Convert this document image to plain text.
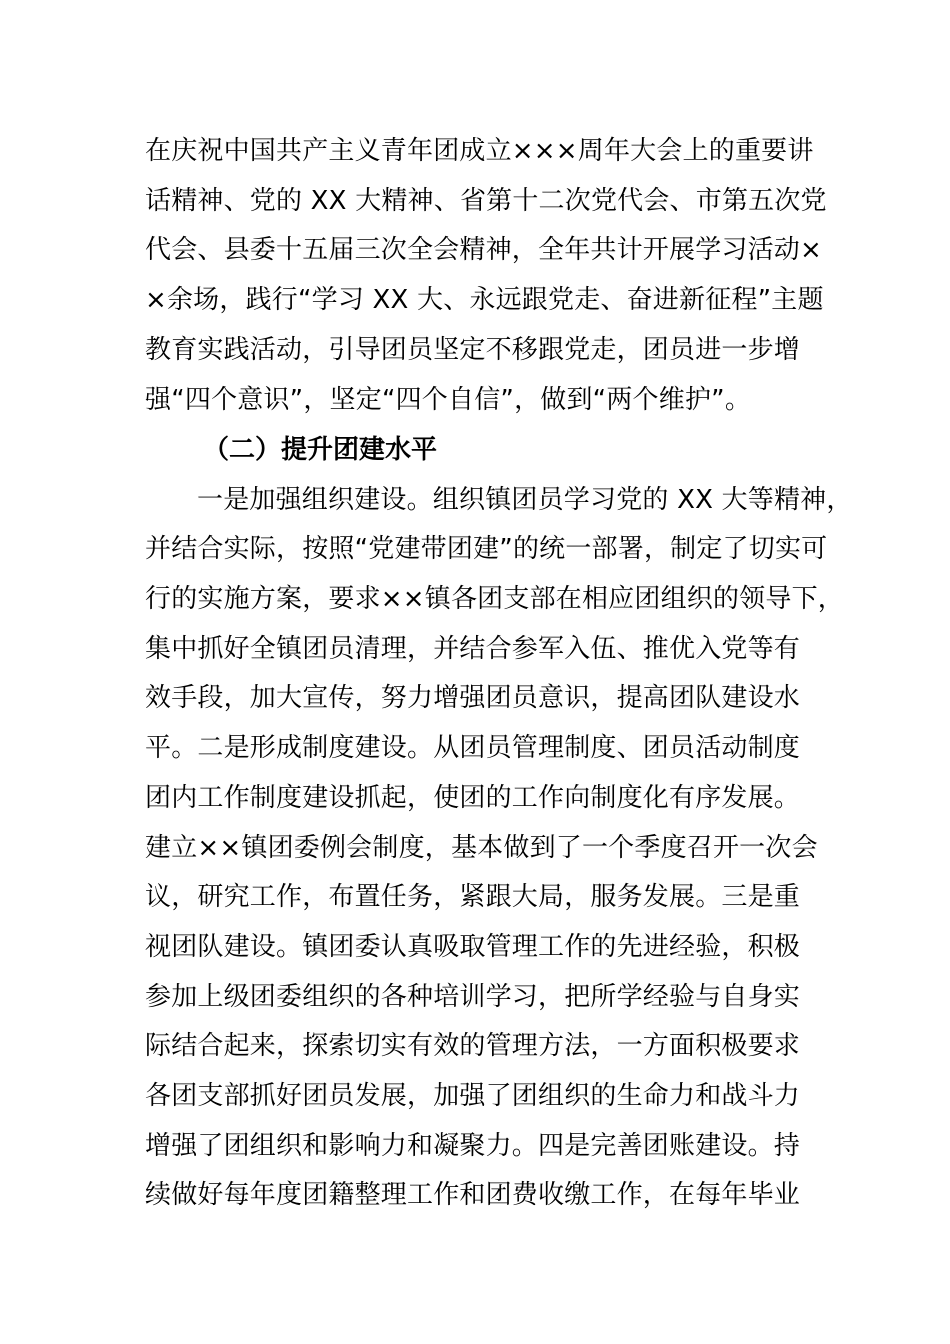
在庆祝中国共产主义青年团成立×××周年大会上的重要讲
话精神、党的 XX 大精神、省第十二次党代会、市第五次党
代会、县委十五届三次全会精神，全年共计开展学习活动×
×余场，践行“学习 XX 大、永远跟党走、奋进新征程”主题
教育实践活动，引导团员坚定不移跟党走，团员进一步增
强“四个意识”，坚定“四个自信”，做到“两个维护”。
（二）提升团建水平
一是加强组织建设。组织镇团员学习党的 XX 大等精神，
并结合实际，按照“党建带团建”的统一部署，制定了切实可
行的实施方案，要求××镇各团支部在相应团组织的领导下，
集中抓好全镇团员清理，并结合参军入伍、推优入党等有
效手段，加大宣传，努力增强团员意识，提高团队建设水
平。二是形成制度建设。从团员管理制度、团员活动制度
团内工作制度建设抓起，使团的工作向制度化有序发展。
建立××镇团委例会制度，基本做到了一个季度召开一次会
议，研究工作，布置任务，紧跟大局，服务发展。三是重
视团队建设。镇团委认真吸取管理工作的先进经验，积极
参加上级团委组织的各种培训学习，把所学经验与自身实
际结合起来，探索切实有效的管理方法，一方面积极要求
各团支部抓好团员发展，加强了团组织的生命力和战斗力
增强了团组织和影响力和凝聚力。四是完善团账建设。持
续做好每年度团籍整理工作和团费收缴工作，在每年毕业
